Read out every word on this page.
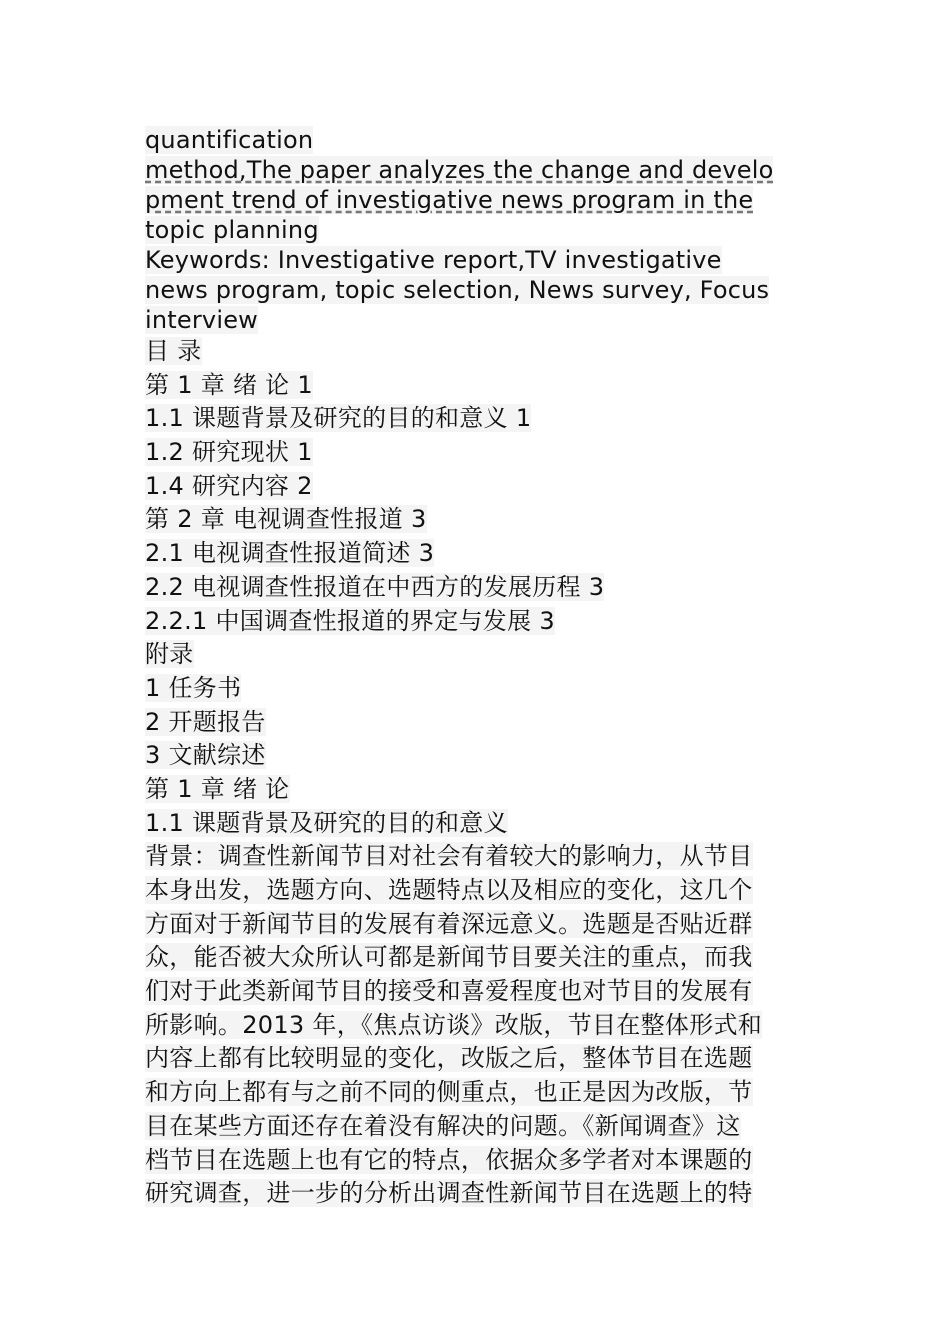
quantification
method,The paper analyzes the change and develo
pment trend of investigative news program in the
topic planning
Keywords: Investigative report,TV investigative
news program, topic selection, News survey, Focus
interview
目 录
第 1 章 绪 论 1
1.1 课题背景及研究的目的和意义 1
1.2 研究现状 1
1.4 研究内容 2
第 2 章 电视调查性报道 3
2.1 电视调查性报道简述 3
2.2 电视调查性报道在中西方的发展历程 3
2.2.1 中国调查性报道的界定与发展 3
附录
1 任务书
2 开题报告
3 文献综述
第 1 章 绪 论
1.1 课题背景及研究的目的和意义
背景：调查性新闻节目对社会有着较大的影响力，从节目
本身出发，选题方向、选题特点以及相应的变化，这几个
方面对于新闻节目的发展有着深远意义。选题是否贴近群
众，能否被大众所认可都是新闻节目要关注的重点，而我
们对于此类新闻节目的接受和喜爱程度也对节目的发展有
所影响。2013 年，《焦点访谈》改版，节目在整体形式和
内容上都有比较明显的变化，改版之后，整体节目在选题
和方向上都有与之前不同的侧重点，也正是因为改版，节
目在某些方面还存在着没有解决的问题。《新闻调查》这
档节目在选题上也有它的特点，依据众多学者对本课题的
研究调查，进一步的分析出调查性新闻节目在选题上的特
